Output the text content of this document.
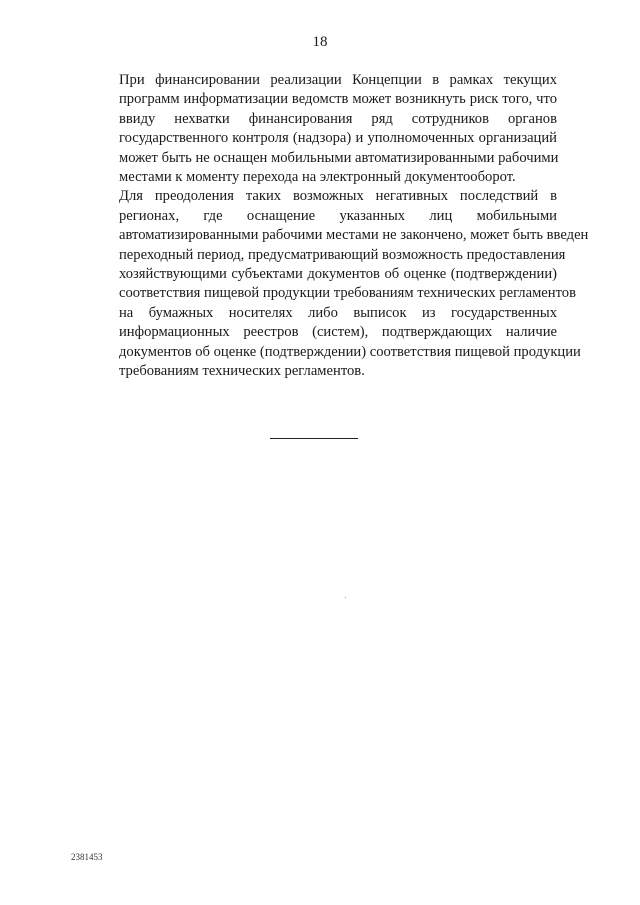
18

При финансировании реализации Концепции в рамках текущих
программ информатизации ведомств может возникнуть риск того, что
ввиду нехватки финансирования ряд сотрудников органов
государственного контроля (надзора) и уполномоченных организаций
может быть не оснащен мобильными автоматизированными рабочими
местами к моменту перехода на электронный документооборот.

Для преодоления таких возможных негативных последствий в
регионах, где оснащение указанных лиц мобильными
автоматизированными рабочими местами не закончено, может быть введен
переходный период, предусматривающий возможность предоставления
хозяйствующими субъектами документов об оценке (подтверждении)
соответствия пищевой продукции требованиям технических регламентов
на бумажных носителях либо выписок из государственных
информационных реестров (систем), подтверждающих наличие
документов об оценке (подтверждении) соответствия пищевой продукции
требованиям технических регламентов.

2381453
